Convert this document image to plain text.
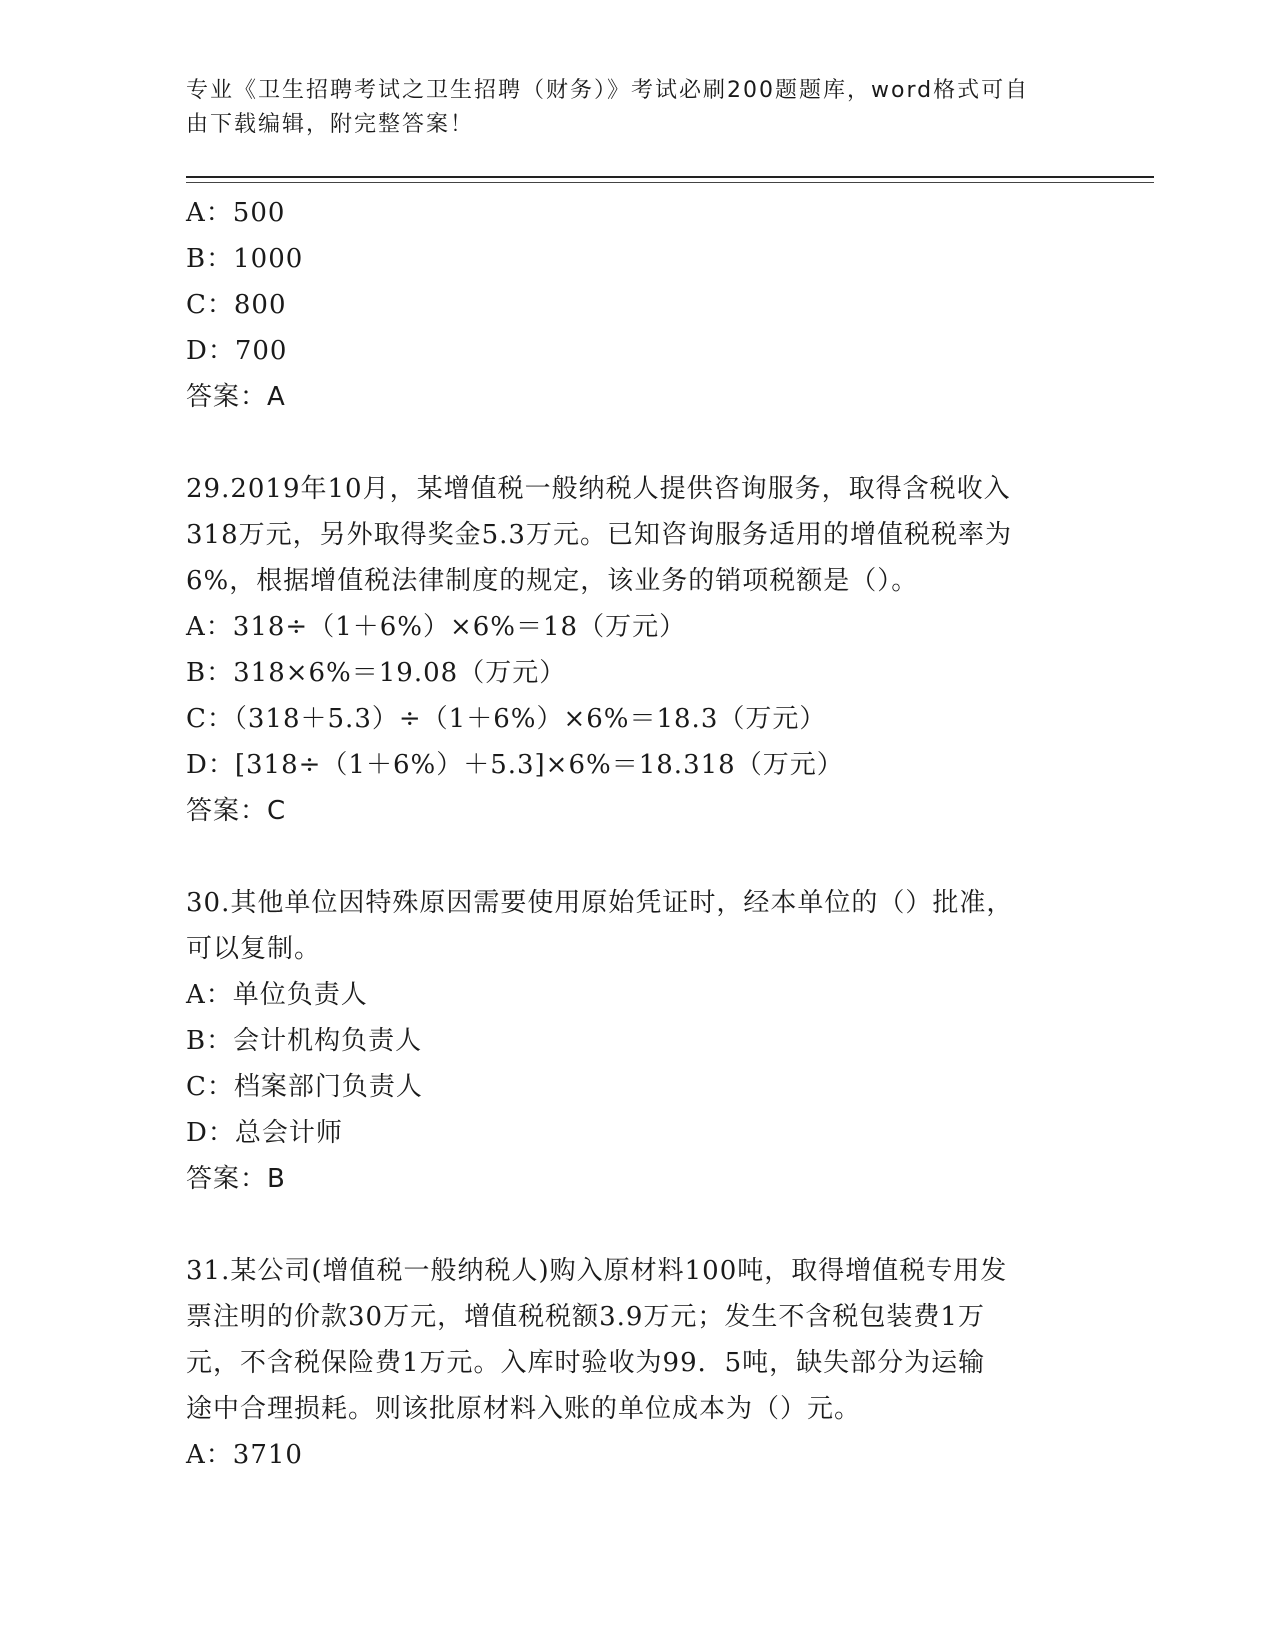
专业《卫生招聘考试之卫生招聘（财务）》考试必刷200题题库，word格式可自
由下载编辑，附完整答案！
A：500
B：1000
C：800
D：700
答案：A
29.2019年10月，某增值税一般纳税人提供咨询服务，取得含税收入
318万元，另外取得奖金5.3万元。已知咨询服务适用的增值税税率为
6%，根据增值税法律制度的规定，该业务的销项税额是（）。
A：318÷（1＋6%）×6%＝18（万元）
B：318×6%＝19.08（万元）
C：（318＋5.3）÷（1＋6%）×6%＝18.3（万元）
D：[318÷（1＋6%）＋5.3]×6%＝18.318（万元）
答案：C
30.其他单位因特殊原因需要使用原始凭证时，经本单位的（）批准，
可以复制。
A：单位负责人
B：会计机构负责人
C：档案部门负责人
D：总会计师
答案：B
31.某公司(增值税一般纳税人)购入原材料100吨，取得增值税专用发
票注明的价款30万元，增值税税额3.9万元；发生不含税包装费1万
元，不含税保险费1万元。入库时验收为99．5吨，缺失部分为运输
途中合理损耗。则该批原材料入账的单位成本为（）元。
A：3710
